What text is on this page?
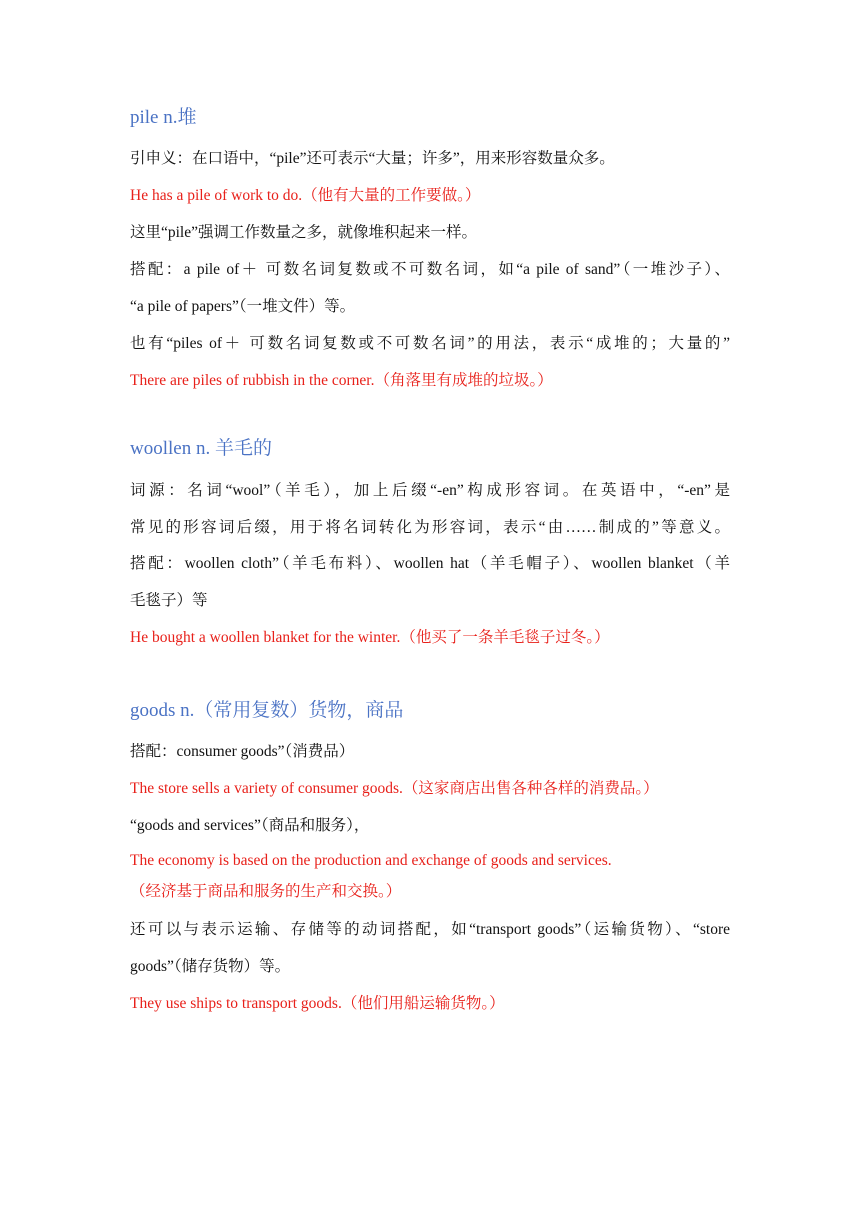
pile n.堆
引申义：在口语中，“pile”还可表示“大量；许多”，用来形容数量众多。
He has a pile of work to do.（他有大量的工作要做。）
这里“pile”强调工作数量之多，就像堆积起来一样。
搭配：a pile of＋ 可数名词复数或不可数名词，如“a pile of sand”（一堆沙子）、
“a pile of papers”（一堆文件）等。
也有“piles of＋ 可数名词复数或不可数名词”的用法，表示“成堆的；大量的”
There are piles of rubbish in the corner.（角落里有成堆的垃圾。）
woollen n. 羊毛的
词源：名词“wool”（羊毛），加上后缀“-en”构成形容词。在英语中，“-en”是
常见的形容词后缀，用于将名词转化为形容词，表示“由……制成的”等意义。
搭配：woollen cloth”（羊毛布料）、woollen hat（羊毛帽子）、woollen blanket（羊
毛毯子）等
He bought a woollen blanket for the winter.（他买了一条羊毛毯子过冬。）
goods n.（常用复数）货物，商品
搭配：consumer goods”（消费品）
The store sells a variety of consumer goods.（这家商店出售各种各样的消费品。）
“goods and services”（商品和服务），
The economy is based on the production and exchange of goods and services.
（经济基于商品和服务的生产和交换。）
还可以与表示运输、存储等的动词搭配，如“transport goods”（运输货物）、“store
goods”（储存货物）等。
They use ships to transport goods.（他们用船运输货物。）
